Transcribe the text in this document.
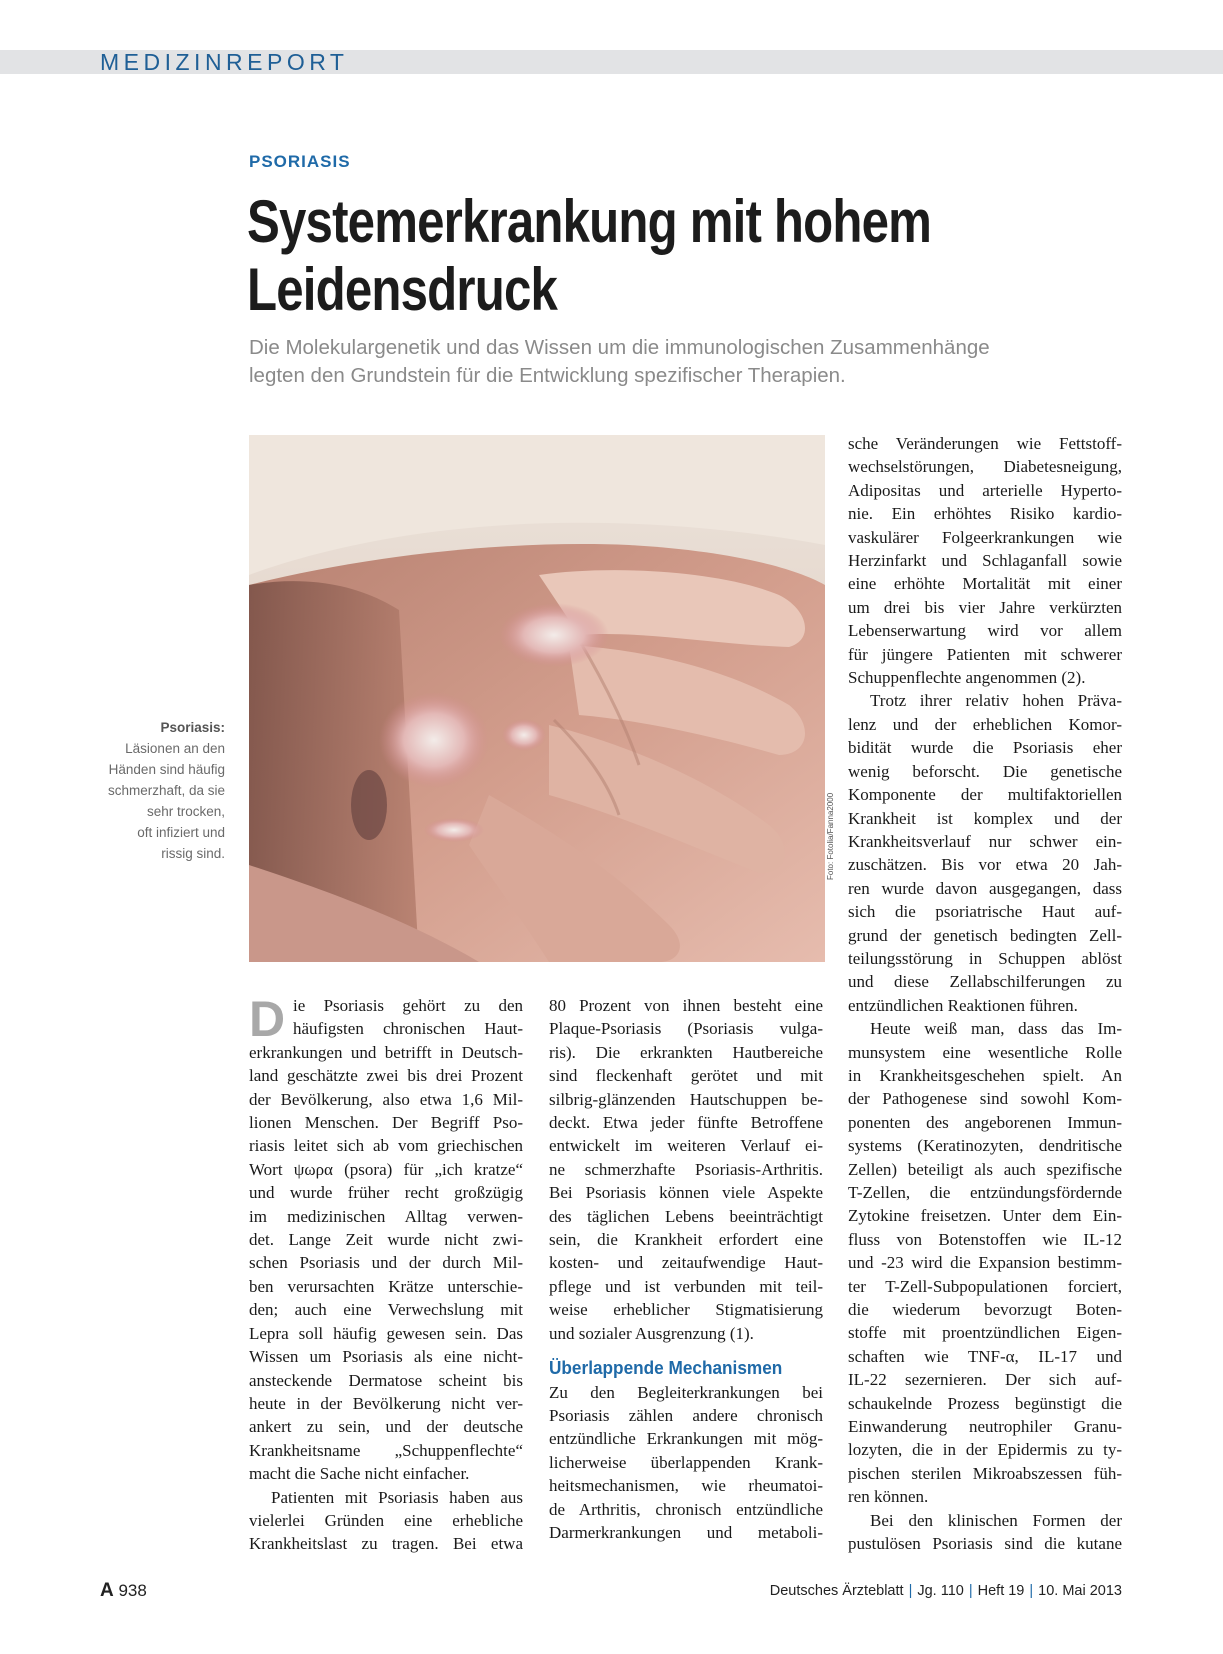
MEDIZINREPORT
PSORIASIS
Systemerkrankung mit hohem
Leidensdruck
Die Molekulargenetik und das Wissen um die immunologischen Zusammenhänge
legten den Grundstein für die Entwicklung spezifischer Therapien.
Foto: Fotolia/Fanna2000
Psoriasis:
Läsionen an den
Händen sind häufig
schmerzhaft, da sie
sehr trocken,
oft infiziert und
rissig sind.
D ie Psoriasis gehört zu den
häufigsten chronischen Haut-
erkrankungen und betrifft in Deutsch-
land geschätzte zwei bis drei Prozent
der Bevölkerung, also etwa 1,6 Mil-
lionen Menschen. Der Begriff Pso-
riasis leitet sich ab vom griechischen
Wort ψωρα (psora) für „ich kratze“
und wurde früher recht großzügig
im medizinischen Alltag verwen-
det. Lange Zeit wurde nicht zwi-
schen Psoriasis und der durch Mil-
ben verursachten Krätze unterschie-
den; auch eine Verwechslung mit
Lepra soll häufig gewesen sein. Das
Wissen um Psoriasis als eine nicht-
ansteckende Dermatose scheint bis
heute in der Bevölkerung nicht ver-
ankert zu sein, und der deutsche
Krankheitsname „Schuppenflechte“
macht die Sache nicht einfacher.
Patienten mit Psoriasis haben aus
vielerlei Gründen eine erhebliche
Krankheitslast zu tragen. Bei etwa
80 Prozent von ihnen besteht eine
Plaque-Psoriasis (Psoriasis vulga-
ris). Die erkrankten Hautbereiche
sind fleckenhaft gerötet und mit
silbrig-glänzenden Hautschuppen be-
deckt. Etwa jeder fünfte Betroffene
entwickelt im weiteren Verlauf ei-
ne schmerzhafte Psoriasis-Arthritis.
Bei Psoriasis können viele Aspekte
des täglichen Lebens beeinträchtigt
sein, die Krankheit erfordert eine
kosten- und zeitaufwendige Haut-
pflege und ist verbunden mit teil-
weise erheblicher Stigmatisierung
und sozialer Ausgrenzung (1).
Überlappende Mechanismen
Zu den Begleiterkrankungen bei
Psoriasis zählen andere chronisch
entzündliche Erkrankungen mit mög-
licherweise überlappenden Krank-
heitsmechanismen, wie rheumatoi-
de Arthritis, chronisch entzündliche
Darmerkrankungen und metaboli-
sche Veränderungen wie Fettstoff-
wechselstörungen, Diabetesneigung,
Adipositas und arterielle Hyperto-
nie. Ein erhöhtes Risiko kardio-
vaskulärer Folgeerkrankungen wie
Herzinfarkt und Schlaganfall sowie
eine erhöhte Mortalität mit einer
um drei bis vier Jahre verkürzten
Lebenserwartung wird vor allem
für jüngere Patienten mit schwerer
Schuppenflechte angenommen (2).
Trotz ihrer relativ hohen Präva-
lenz und der erheblichen Komor-
bidität wurde die Psoriasis eher
wenig beforscht. Die genetische
Komponente der multifaktoriellen
Krankheit ist komplex und der
Krankheitsverlauf nur schwer ein-
zuschätzen. Bis vor etwa 20 Jah-
ren wurde davon ausgegangen, dass
sich die psoriatrische Haut auf-
grund der genetisch bedingten Zell-
teilungsstörung in Schuppen ablöst
und diese Zellabschilferungen zu
entzündlichen Reaktionen führen.
Heute weiß man, dass das Im-
munsystem eine wesentliche Rolle
in Krankheitsgeschehen spielt. An
der Pathogenese sind sowohl Kom-
ponenten des angeborenen Immun-
systems (Keratinozyten, dendritische
Zellen) beteiligt als auch spezifische
T-Zellen, die entzündungsfördernde
Zytokine freisetzen. Unter dem Ein-
fluss von Botenstoffen wie IL-12
und -23 wird die Expansion bestimm-
ter T-Zell-Subpopulationen forciert,
die wiederum bevorzugt Boten-
stoffe mit proentzündlichen Eigen-
schaften wie TNF-α, IL-17 und
IL-22 sezernieren. Der sich auf-
schaukelnde Prozess begünstigt die
Einwanderung neutrophiler Granu-
lozyten, die in der Epidermis zu ty-
pischen sterilen Mikroabszessen füh-
ren können.
Bei den klinischen Formen der
pustulösen Psoriasis sind die kutane
A 938	Deutsches Ärzteblatt | Jg. 110 | Heft 19 | 10. Mai 2013
